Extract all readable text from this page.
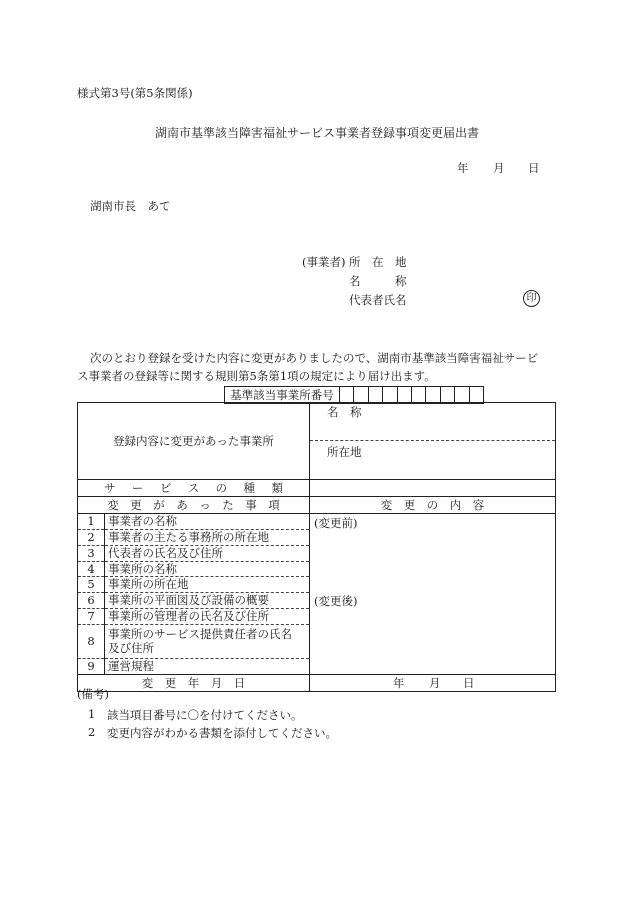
様式第3号(第5条関係)
湖南市基準該当障害福祉サービス事業者登録事項変更届出書
年 月 日
湖南市長　あて
(事業者) 所　在　地
名　　　称
代表者氏名	印
次のとおり登録を受けた内容に変更がありましたので、湖南市基準該当障害福祉サービ
ス事業者の登録等に関する規則第5条第1項の規定により届け出ます。
基準該当事業所番号										
登録内容に変更があった事業所	
名　称
所在地

サ ー ビ ス の 種 類

変　更　が　あ　っ　た　事　項	変　更　の　内　容

1	事業者の名称
2	事業者の主たる事務所の所在地
3	代表者の氏名及び住所
4	事業所の名称
5	事業所の所在地
6	事業所の平面図及び設備の概要
7	事業所の管理者の氏名及び住所
8	事業所のサービス提供責任者の氏名
及び住所

9	運営規程

(変更前)
(変更後)

変　更　年　月　日	年 月 日
(備考)
1 該当項目番号に〇を付けてください。
2 変更内容がわかる書類を添付してください。
